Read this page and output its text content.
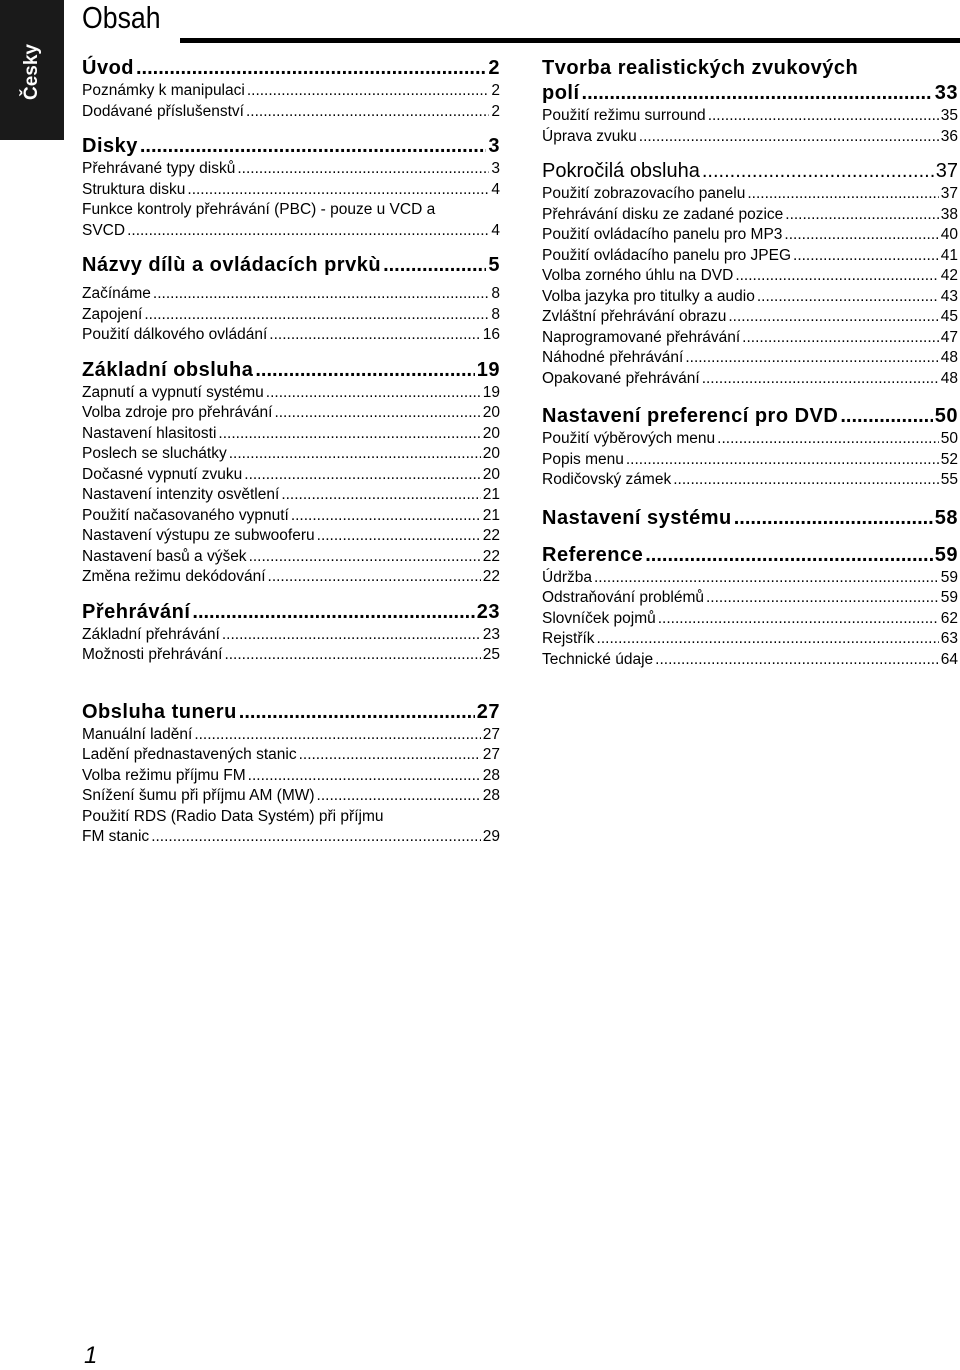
Česky
Obsah
Úvod .....	2
Poznámky k manipulaci .....	2
Dodávané příslušenství .....	2
Disky .....	3
Přehrávané typy disků .....	3
Struktura disku .....	4
Funkce kontroly přehrávání (PBC) - pouze u VCD a
SVCD .....	4
Názvy dílù a ovládacích prvkù .....	5
Začínáme .....	8
Zapojení .....	8
Použití dálkového ovládání .....	16
Základní obsluha .....	19
Zapnutí a vypnutí systému .....	19
Volba zdroje pro přehrávání .....	20
Nastavení hlasitosti .....	20
Poslech se sluchátky .....	20
Dočasné vypnutí zvuku .....	20
Nastavení intenzity osvětlení .....	21
Použití načasovaného vypnutí .....	21
Nastavení výstupu ze subwooferu .....	22
Nastavení basů a výšek .....	22
Změna režimu dekódování .....	22
Přehrávání .....	23
Základní přehrávání .....	23
Možnosti přehrávání .....	25
Obsluha tuneru .....	27
Manuální ladění .....	27
Ladění přednastavených stanic .....	27
Volba režimu příjmu FM .....	28
Snížení šumu při příjmu AM (MW) .....	28
Použití RDS (Radio Data Systém) při příjmu
FM stanic .....	29
Tvorba realistických zvukových
polí .....	33
Použití režimu surround .....	35
Úprava zvuku .....	36
Pokročilá obsluha .....	37
Použití zobrazovacího panelu .....	37
Přehrávání disku ze zadané pozice .....	38
Použití ovládacího panelu pro MP3 .....	40
Použití ovládacího panelu pro JPEG .....	41
Volba zorného úhlu na DVD .....	42
Volba jazyka pro titulky a audio .....	43
Zvláštní přehrávání obrazu .....	45
Naprogramované přehrávání .....	47
Náhodné přehrávání .....	48
Opakované přehrávání .....	48
Nastavení preferencí pro DVD .....	50
Použití výběrových menu .....	50
Popis menu .....	52
Rodičovský zámek .....	55
Nastavení systému .....	58
Reference .....	59
Údržba .....	59
Odstraňování problémů .....	59
Slovníček pojmů .....	62
Rejstřík .....	63
Technické údaje .....	64
1
